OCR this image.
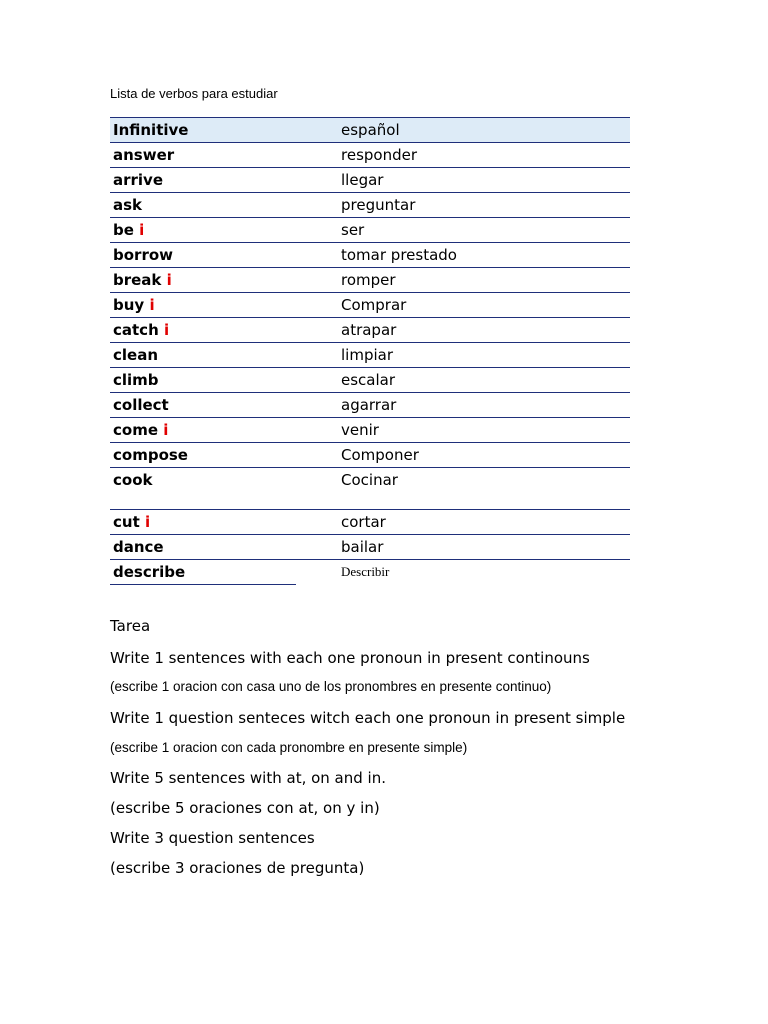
Lista de verbos para estudiar
Infinitive	español
answer	responder
arrive	llegar
ask	preguntar
be i	ser
borrow	tomar prestado
break i	romper
buy i	Comprar
catch i	atrapar
clean	limpiar
climb	escalar
collect	agarrar
come i	venir
compose	Componer
cook	Cocinar
cut i	cortar
dance	bailar
describe	Describir
Tarea
Write 1 sentences with each one pronoun in present continouns
(escribe 1 oracion con casa uno de los pronombres en presente continuo)
Write 1 question senteces witch each one pronoun in present simple
(escribe 1 oracion con cada pronombre en presente simple)
Write 5 sentences with at, on and in.
(escribe 5 oraciones con at, on y in)
Write 3 question sentences
(escribe 3 oraciones de pregunta)
